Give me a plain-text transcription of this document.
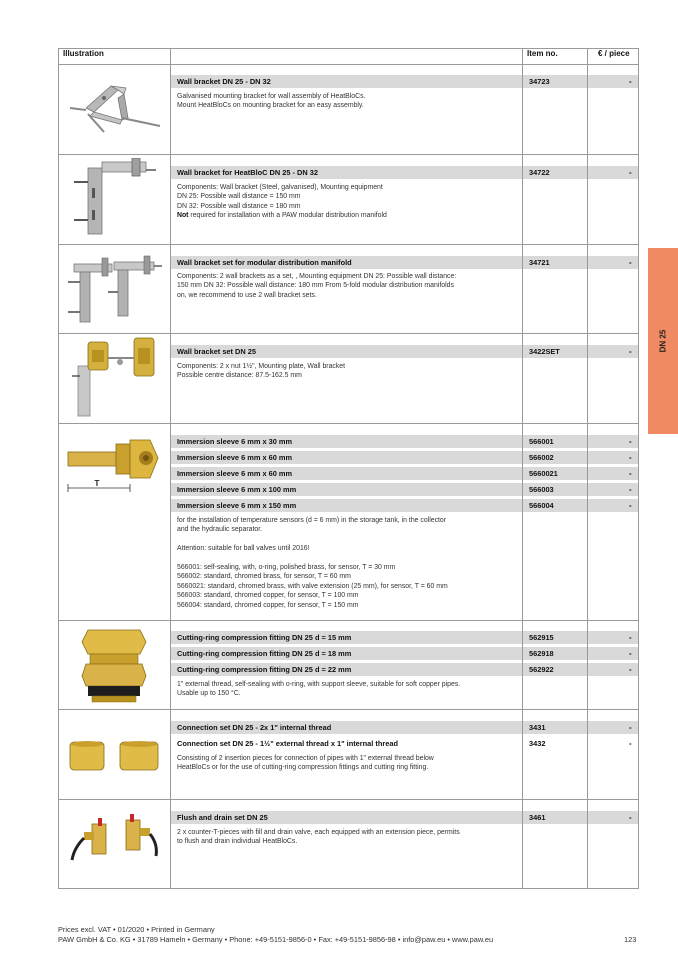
Illustration	Item no.	€ / piece
DN 25
Wall bracket DN 25 - DN 32	34723	-
Galvanised mounting bracket for wall assembly of HeatBloCs.
Mount HeatBloCs on mounting bracket for an easy assembly.
Wall bracket for HeatBloC DN 25 - DN 32	34722	-
Components: Wall bracket (Steel, galvanised), Mounting equipment
DN 25: Possible wall distance = 150 mm
DN 32: Possible wall distance = 180 mm
Not required for installation with a PAW modular distribution manifold
Wall bracket set for modular distribution manifold	34721	-
Components: 2 wall brackets as a set, , Mounting equipment DN 25: Possible wall distance:
150 mm DN 32: Possible wall distance: 180 mm From 5-fold modular distribution manifolds
on, we recommend to use 2 wall bracket sets.
Wall bracket set DN 25	3422SET	-
Components: 2 x nut 1½", Mounting plate, Wall bracket
Possible centre distance: 87.5-162.5 mm
Immersion sleeve 6 mm x 30 mm	566001	-
Immersion sleeve 6 mm x 60 mm	566002	-
Immersion sleeve 6 mm x 60 mm	5660021	-
Immersion sleeve 6 mm x 100 mm	566003	-
Immersion sleeve 6 mm x 150 mm	566004	-
for the installation of temperature sensors (d = 6 mm) in the storage tank, in the collector
and the hydraulic separator.

Attention: suitable for ball valves until 2016!

566001: self-sealing, with, o-ring, polished brass, for sensor, T = 30 mm
566002: standard, chromed brass, for sensor, T = 60 mm
5660021: standard, chromed brass, with valve extension (25 mm), for sensor, T = 60 mm
566003: standard, chromed copper, for sensor, T = 100 mm
566004: standard, chromed copper, for sensor, T = 150 mm
T
Cutting-ring compression fitting DN 25 d = 15 mm	562915	-
Cutting-ring compression fitting DN 25 d = 18 mm	562918	-
Cutting-ring compression fitting DN 25 d = 22 mm	562922	-
1" external thread, self-sealing with o-ring, with support sleeve, suitable for soft copper pipes.
Usable up to 150 °C.
Connection set DN 25 - 2x 1" internal thread	3431	-
Connection set DN 25 - 1½" external thread x 1" internal thread	3432	-
Consisting of 2 insertion pieces for connection of pipes with 1" external thread below
HeatBloCs or for the use of cutting-ring compression fittings and cutting ring fitting.
Flush and drain set DN 25	3461	-
2 x counter-T-pieces with fill and drain valve, each equipped with an extension piece, permits
to flush and drain individual HeatBloCs.
Prices excl. VAT • 01/2020 • Printed in Germany
PAW GmbH & Co. KG • 31789 Hameln • Germany • Phone: +49-5151-9856-0 • Fax: +49-5151-9856-98 • info@paw.eu • www.paw.eu	123
